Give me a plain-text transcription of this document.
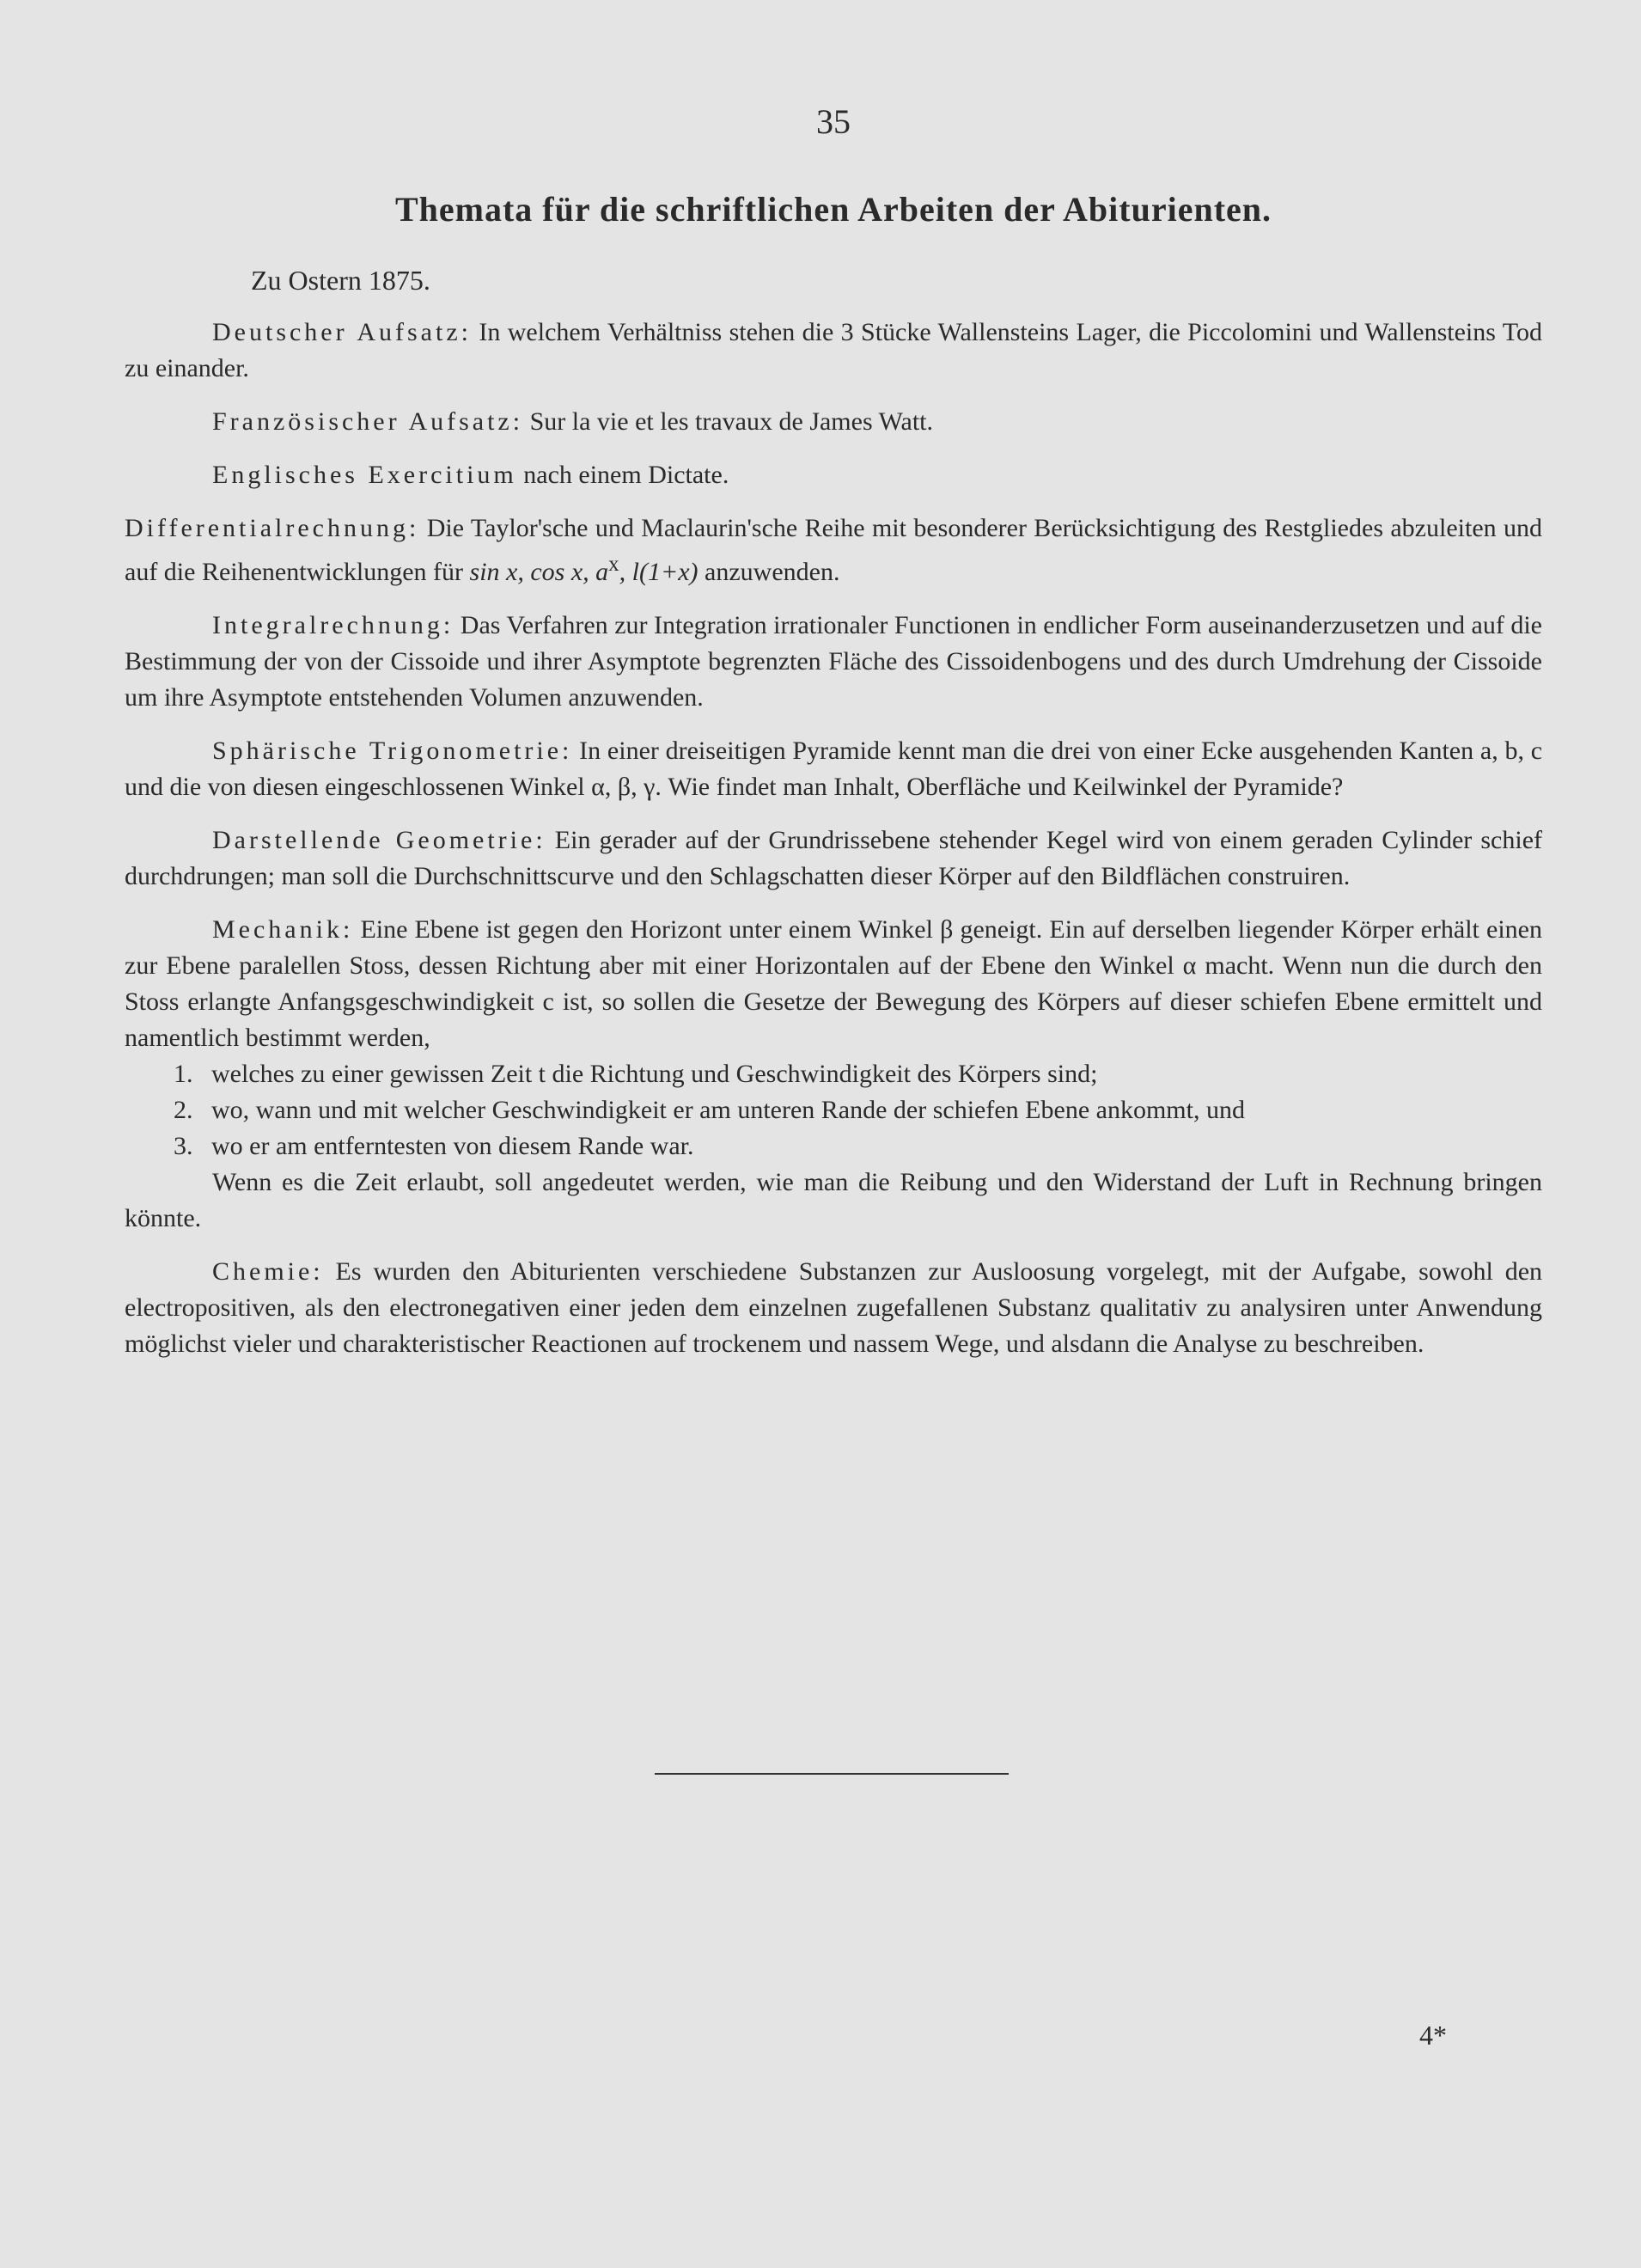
35
Themata für die schriftlichen Arbeiten der Abiturienten.
Zu Ostern 1875.

Deutscher Aufsatz: In welchem Verhältniss stehen die 3 Stücke Wallensteins Lager, die Piccolomini und Wallensteins Tod zu einander.

Französischer Aufsatz: Sur la vie et les travaux de James Watt.

Englisches Exercitium nach einem Dictate.

Differentialrechnung: Die Taylor'sche und Maclaurin'sche Reihe mit besonderer Berücksichtigung des Restgliedes abzuleiten und auf die Reihenentwicklungen für sin x, cos x, $a^x$, l(1+x) anzuwenden.

Integralrechnung: Das Verfahren zur Integration irrationaler Functionen in endlicher Form auseinanderzusetzen und auf die Bestimmung der von der Cissoide und ihrer Asymptote begrenzten Fläche des Cissoidenbogens und des durch Umdrehung der Cissoide um ihre Asymptote entstehenden Volumen anzuwenden.

Sphärische Trigonometrie: In einer dreiseitigen Pyramide kennt man die drei von einer Ecke ausgehenden Kanten a, b, c und die von diesen eingeschlossenen Winkel α, β, γ. Wie findet man Inhalt, Oberfläche und Keilwinkel der Pyramide?

Darstellende Geometrie: Ein gerader auf der Grundrissebene stehender Kegel wird von einem geraden Cylinder schief durchdrungen; man soll die Durchschnittscurve und den Schlagschatten dieser Körper auf den Bildflächen construiren.

Mechanik: Eine Ebene ist gegen den Horizont unter einem Winkel β geneigt. Ein auf derselben liegender Körper erhält einen zur Ebene paralellen Stoss, dessen Richtung aber mit einer Horizontalen auf der Ebene den Winkel α macht. Wenn nun die durch den Stoss erlangte Anfangsgeschwindigkeit c ist, so sollen die Gesetze der Bewegung des Körpers auf dieser schiefen Ebene ermittelt und namentlich bestimmt werden,

1. welches zu einer gewissen Zeit t die Richtung und Geschwindigkeit des Körpers sind;
2. wo, wann und mit welcher Geschwindigkeit er am unteren Rande der schiefen Ebene ankommt, und
3. wo er am entferntesten von diesem Rande war.

Wenn es die Zeit erlaubt, soll angedeutet werden, wie man die Reibung und den Widerstand der Luft in Rechnung bringen könnte.

Chemie: Es wurden den Abiturienten verschiedene Substanzen zur Ausloosung vorgelegt, mit der Aufgabe, sowohl den electropositiven, als den electronegativen einer jeden dem einzelnen zugefallenen Substanz qualitativ zu analysiren unter Anwendung möglichst vieler und charakteristischer Reactionen auf trockenem und nassem Wege, und alsdann die Analyse zu beschreiben.

4*
